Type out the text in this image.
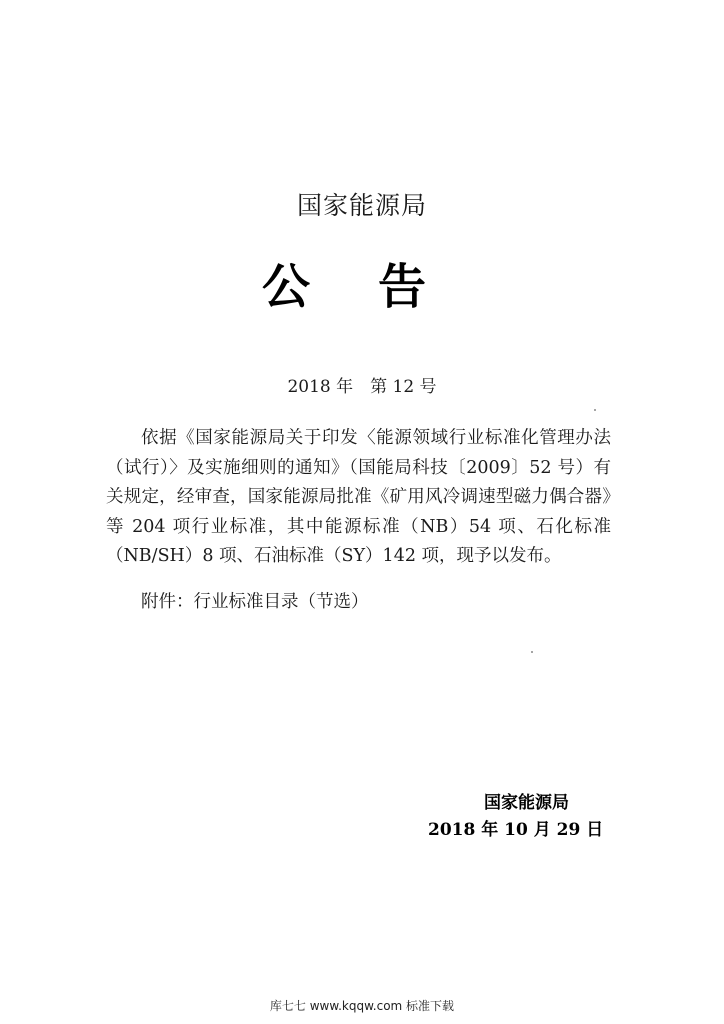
国家能源局
公 告
2018 年　第 12 号
依据《国家能源局关于印发〈能源领域行业标准化管理办法（试行）〉及实施细则的通知》（国能局科技〔2009〕52 号）有关规定，经审查，国家能源局批准《矿用风冷调速型磁力偶合器》等 204 项行业标准，其中能源标准（NB）54 项、石化标准（NB/SH）8 项、石油标准（SY）142 项，现予以发布。
附件：行业标准目录（节选）
国家能源局
2018 年 10 月 29 日
库七七 www.kqqw.com 标准下载
